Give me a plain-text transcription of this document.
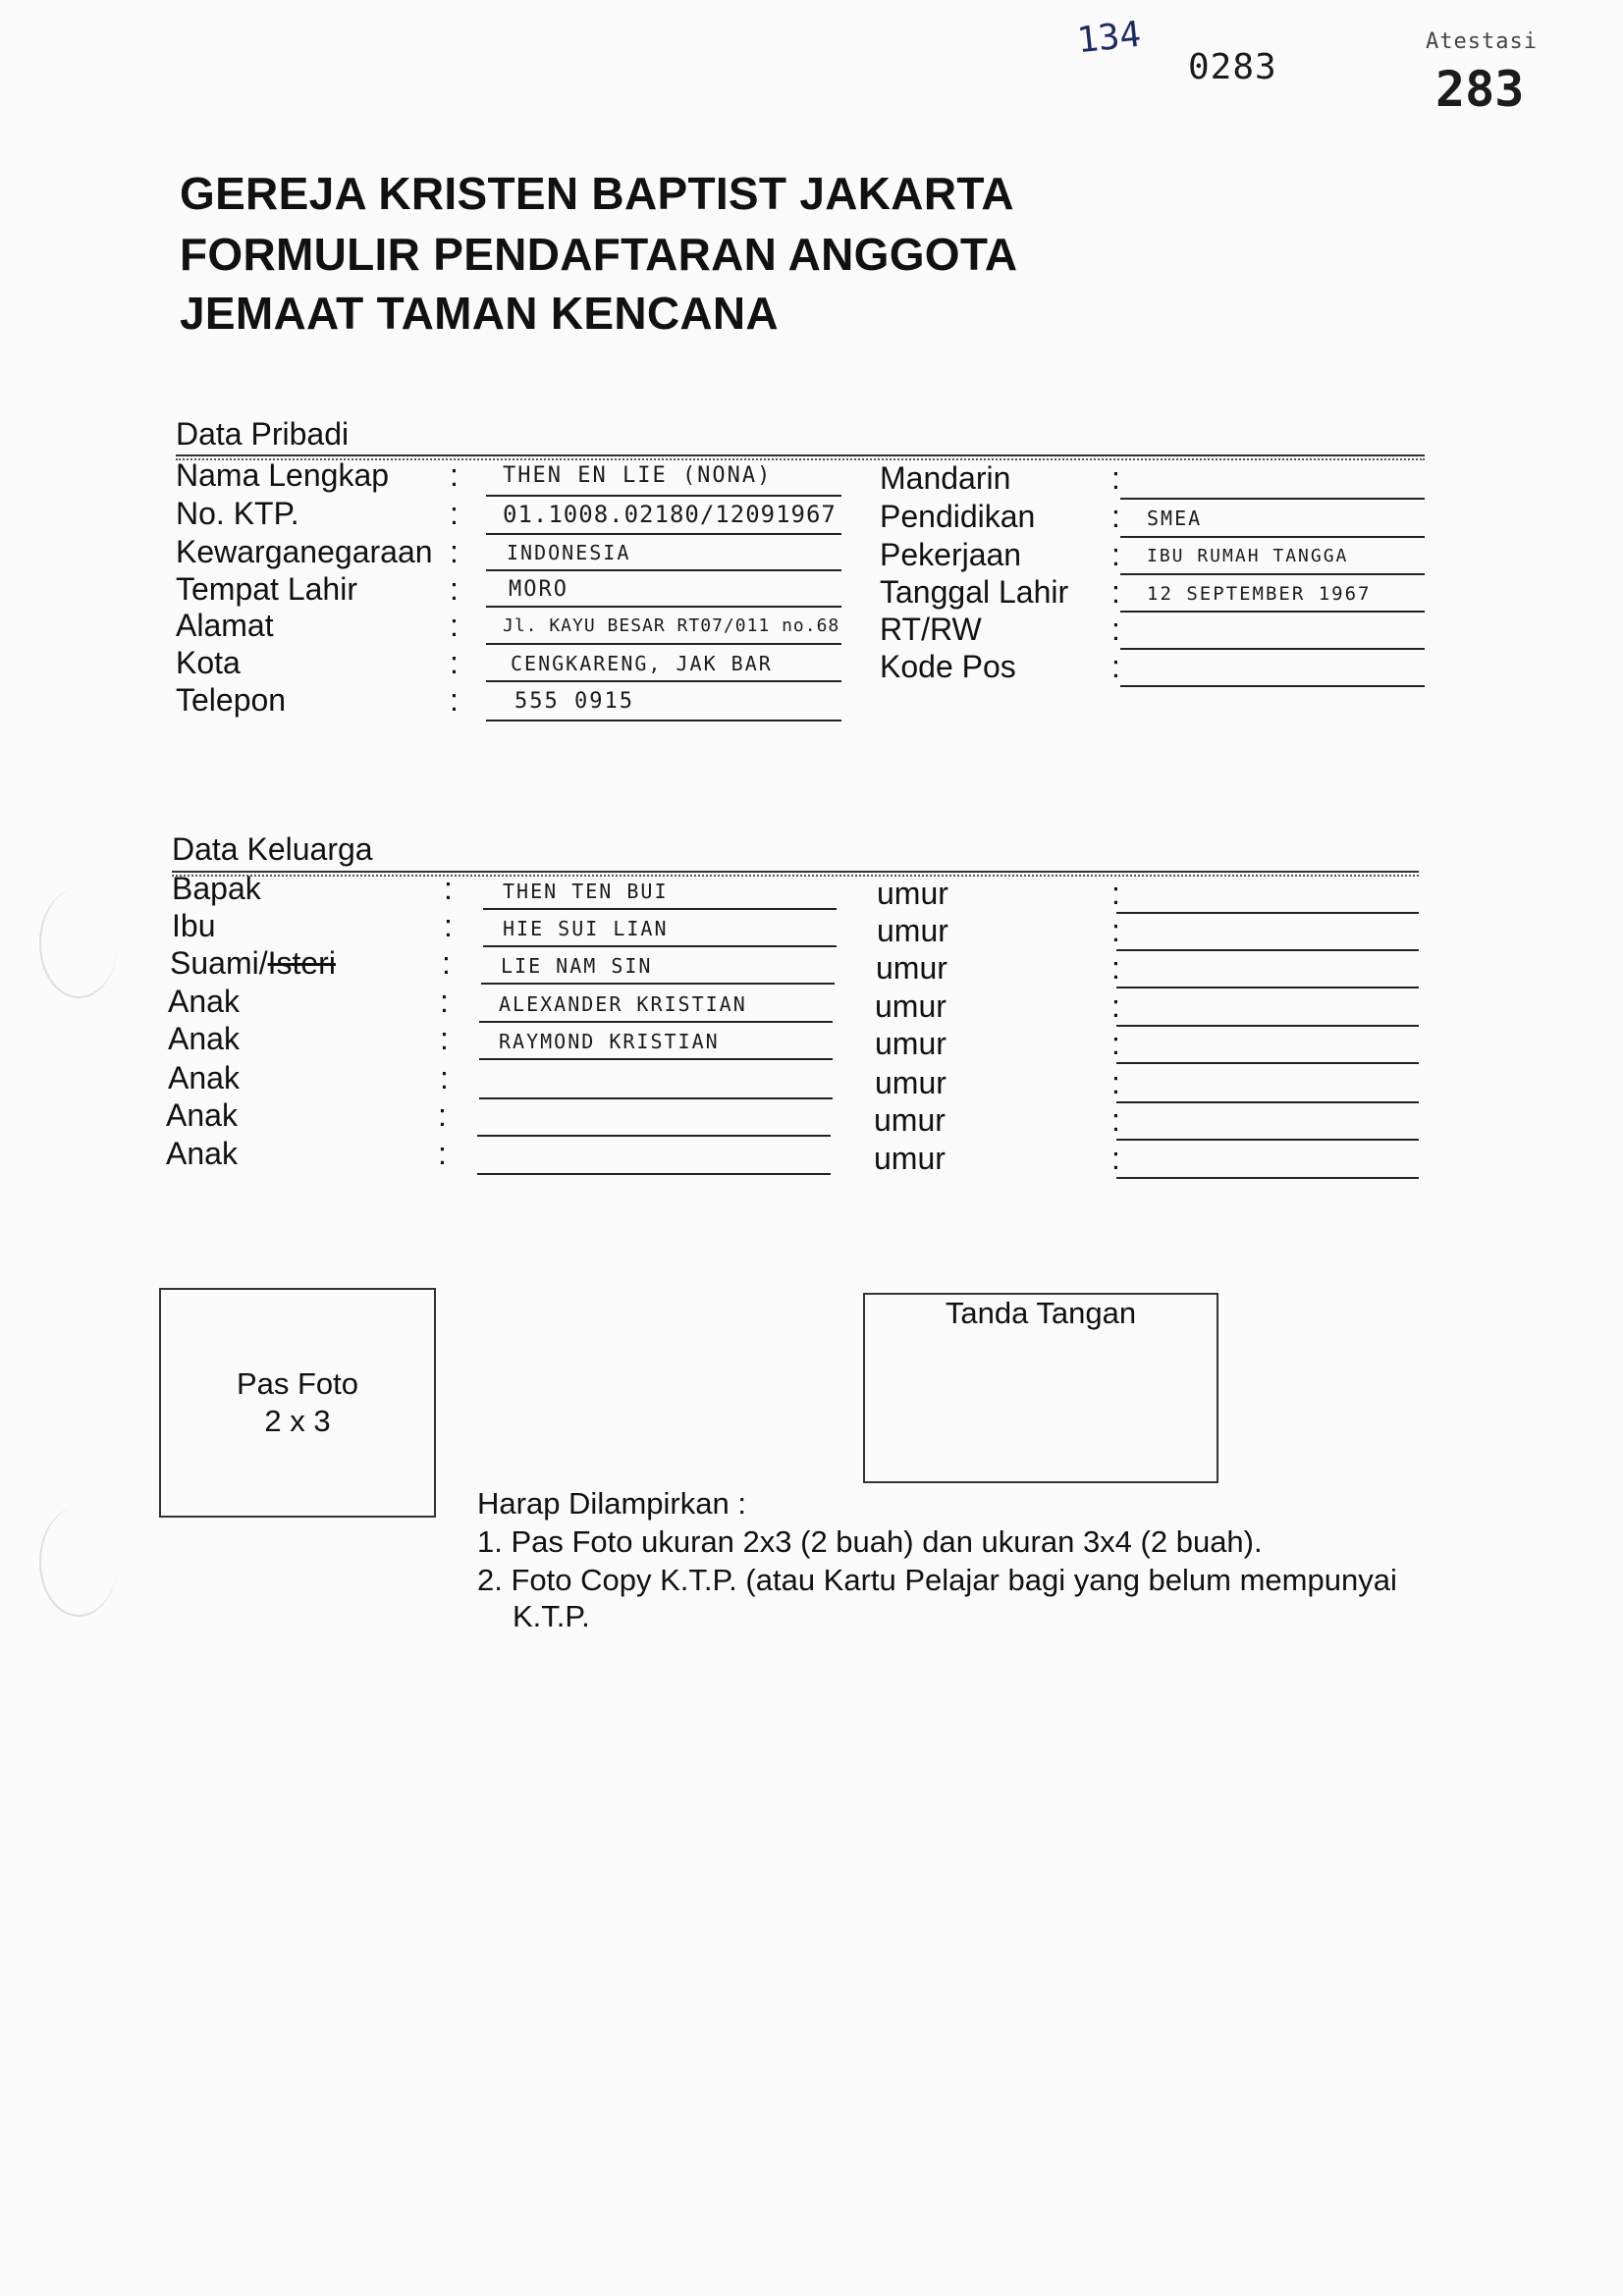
134
0283
Atestasi
283
GEREJA KRISTEN BAPTIST JAKARTA
FORMULIR PENDAFTARAN ANGGOTA
JEMAAT TAMAN KENCANA
Data Pribadi
Nama Lengkap : THEN EN LIE (NONA)
No. KTP.	: 01.1008.02180/12091967
Kewarganegaraan : INDONESIA
Tempat Lahir	: MORO
Alamat	:	Jl. KAYU BESAR RT07/011 no.68
Kota	:	CENGKARENG, JAK BAR
Telepon	:	555 0915
Mandarin	:
Pendidikan : SMEA
Pekerjaan	: IBU RUMAH TANGGA
Tanggal Lahir : 12 SEPTEMBER 1967
RT/RW	:
Kode Pos	:
Data Keluarga
Bapak	:	THEN TEN BUI	umur	:
Ibu	:	HIE SUI LIAN	umur	:
Suami/Isteri	:	LIE NAM SIN	umur	:
Anak	:	ALEXANDER KRISTIAN	umur	:
Anak	:	RAYMOND KRISTIAN	umur	:
Anak	:	umur	:
Anak	:	umur	:
Anak	:	umur	:
Pas Foto
2 x 3
Tanda Tangan
Harap Dilampirkan :
1. Pas Foto ukuran 2x3 (2 buah) dan ukuran 3x4 (2 buah).
2. Foto Copy K.T.P. (atau Kartu Pelajar bagi yang belum mempunyai
K.T.P.
